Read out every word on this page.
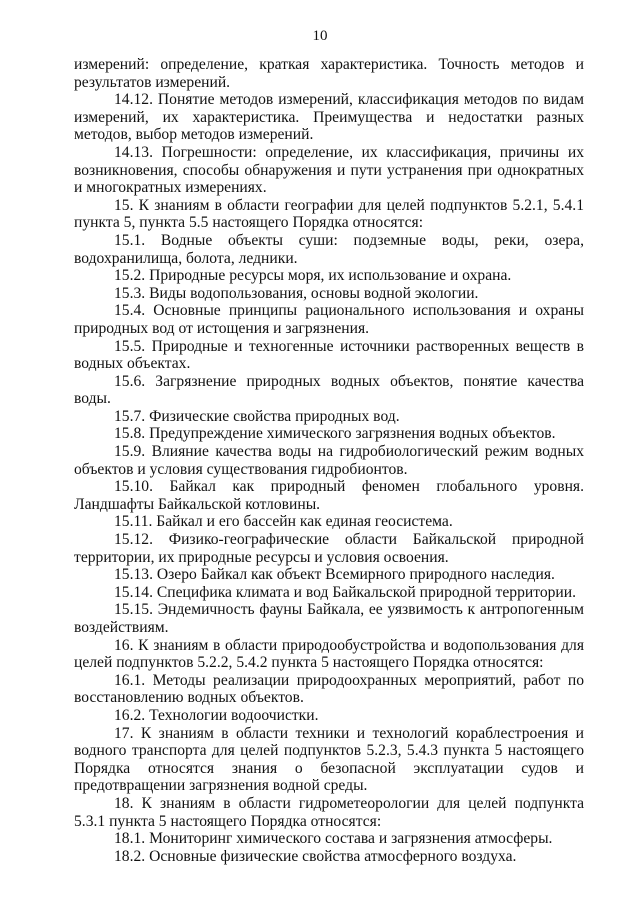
10

измерений: определение, краткая характеристика. Точность методов и результатов измерений.

14.12. Понятие методов измерений, классификация методов по видам измерений, их характеристика. Преимущества и недостатки разных методов, выбор методов измерений.

14.13. Погрешности: определение, их классификация, причины их возникновения, способы обнаружения и пути устранения при однократных и многократных измерениях.

15. К знаниям в области географии для целей подпунктов 5.2.1, 5.4.1 пункта 5, пункта 5.5 настоящего Порядка относятся:

15.1. Водные объекты суши: подземные воды, реки, озера, водохранилища, болота, ледники.

15.2. Природные ресурсы моря, их использование и охрана.

15.3. Виды водопользования, основы водной экологии.

15.4. Основные принципы рационального использования и охраны природных вод от истощения и загрязнения.

15.5. Природные и техногенные источники растворенных веществ в водных объектах.

15.6. Загрязнение природных водных объектов, понятие качества воды.

15.7. Физические свойства природных вод.

15.8. Предупреждение химического загрязнения водных объектов.

15.9. Влияние качества воды на гидробиологический режим водных объектов и условия существования гидробионтов.

15.10. Байкал как природный феномен глобального уровня. Ландшафты Байкальской котловины.

15.11. Байкал и его бассейн как единая геосистема.

15.12. Физико-географические области Байкальской природной территории, их природные ресурсы и условия освоения.

15.13. Озеро Байкал как объект Всемирного природного наследия.

15.14. Специфика климата и вод Байкальской природной территории.

15.15. Эндемичность фауны Байкала, ее уязвимость к антропогенным воздействиям.

16. К знаниям в области природообустройства и водопользования для целей подпунктов 5.2.2, 5.4.2 пункта 5 настоящего Порядка относятся:

16.1. Методы реализации природоохранных мероприятий, работ по восстановлению водных объектов.

16.2. Технологии водоочистки.

17. К знаниям в области техники и технологий кораблестроения и водного транспорта для целей подпунктов 5.2.3, 5.4.3 пункта 5 настоящего Порядка относятся знания о безопасной эксплуатации судов и предотвращении загрязнения водной среды.

18. К знаниям в области гидрометеорологии для целей подпункта 5.3.1 пункта 5 настоящего Порядка относятся:

18.1. Мониторинг химического состава и загрязнения атмосферы.

18.2. Основные физические свойства атмосферного воздуха.
